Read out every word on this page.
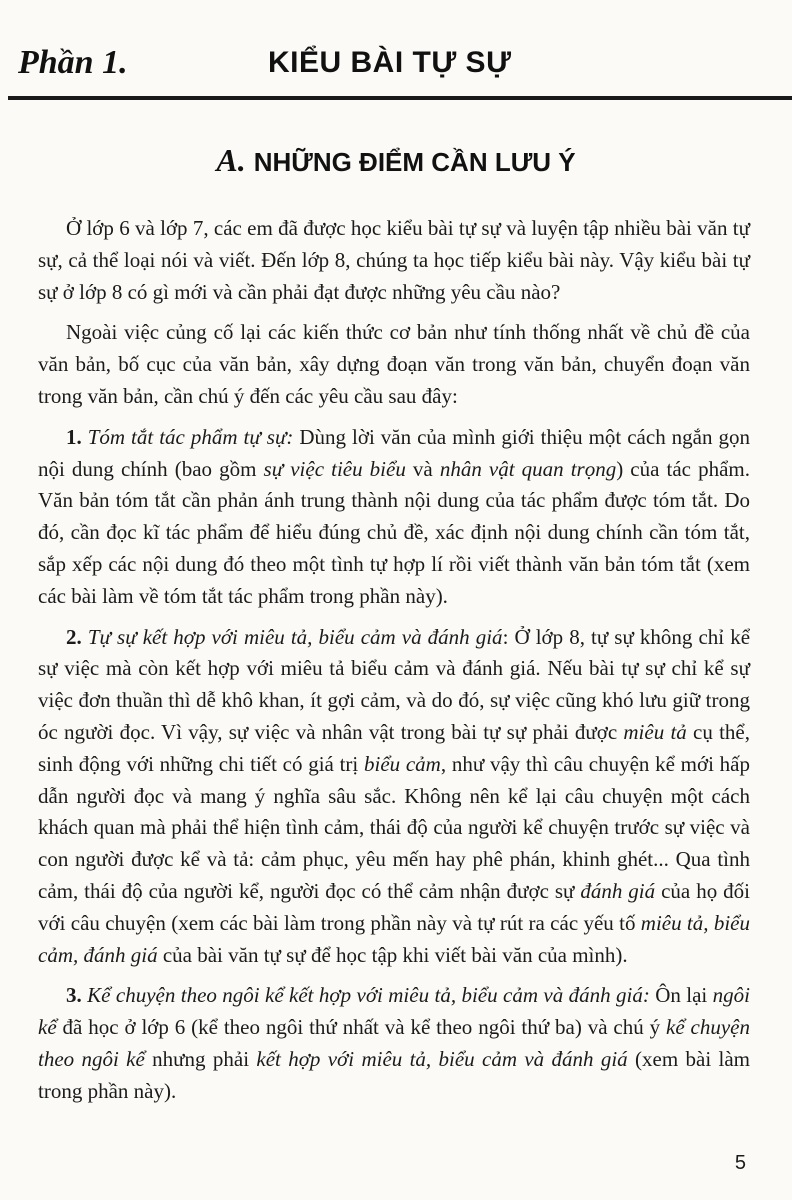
Phần 1.	KIỂU BÀI TỰ SỰ
A. NHỮNG ĐIỂM CẦN LƯU Ý

Ở lớp 6 và lớp 7, các em đã được học kiểu bài tự sự và luyện tập nhiều bài văn tự sự, cả thể loại nói và viết. Đến lớp 8, chúng ta học tiếp kiểu bài này. Vậy kiểu bài tự sự ở lớp 8 có gì mới và cần phải đạt được những yêu cầu nào?

Ngoài việc củng cố lại các kiến thức cơ bản như tính thống nhất về chủ đề của văn bản, bố cục của văn bản, xây dựng đoạn văn trong văn bản, chuyển đoạn văn trong văn bản, cần chú ý đến các yêu cầu sau đây:

1. Tóm tắt tác phẩm tự sự: Dùng lời văn của mình giới thiệu một cách ngắn gọn nội dung chính (bao gồm sự việc tiêu biểu và nhân vật quan trọng) của tác phẩm. Văn bản tóm tắt cần phản ánh trung thành nội dung của tác phẩm được tóm tắt. Do đó, cần đọc kĩ tác phẩm để hiểu đúng chủ đề, xác định nội dung chính cần tóm tắt, sắp xếp các nội dung đó theo một tình tự hợp lí rồi viết thành văn bản tóm tắt (xem các bài làm về tóm tắt tác phẩm trong phần này).

2. Tự sự kết hợp với miêu tả, biểu cảm và đánh giá: Ở lớp 8, tự sự không chỉ kể sự việc mà còn kết hợp với miêu tả biểu cảm và đánh giá. Nếu bài tự sự chỉ kể sự việc đơn thuần thì dễ khô khan, ít gợi cảm, và do đó, sự việc cũng khó lưu giữ trong óc người đọc. Vì vậy, sự việc và nhân vật trong bài tự sự phải được miêu tả cụ thể, sinh động với những chi tiết có giá trị biểu cảm, như vậy thì câu chuyện kể mới hấp dẫn người đọc và mang ý nghĩa sâu sắc. Không nên kể lại câu chuyện một cách khách quan mà phải thể hiện tình cảm, thái độ của người kể chuyện trước sự việc và con người được kể và tả: cảm phục, yêu mến hay phê phán, khinh ghét... Qua tình cảm, thái độ của người kể, người đọc có thể cảm nhận được sự đánh giá của họ đối với câu chuyện (xem các bài làm trong phần này và tự rút ra các yếu tố miêu tả, biểu cảm, đánh giá của bài văn tự sự để học tập khi viết bài văn của mình).

3. Kể chuyện theo ngôi kể kết hợp với miêu tả, biểu cảm và đánh giá: Ôn lại ngôi kể đã học ở lớp 6 (kể theo ngôi thứ nhất và kể theo ngôi thứ ba) và chú ý kể chuyện theo ngôi kể nhưng phải kết hợp với miêu tả, biểu cảm và đánh giá (xem bài làm trong phần này).

5
